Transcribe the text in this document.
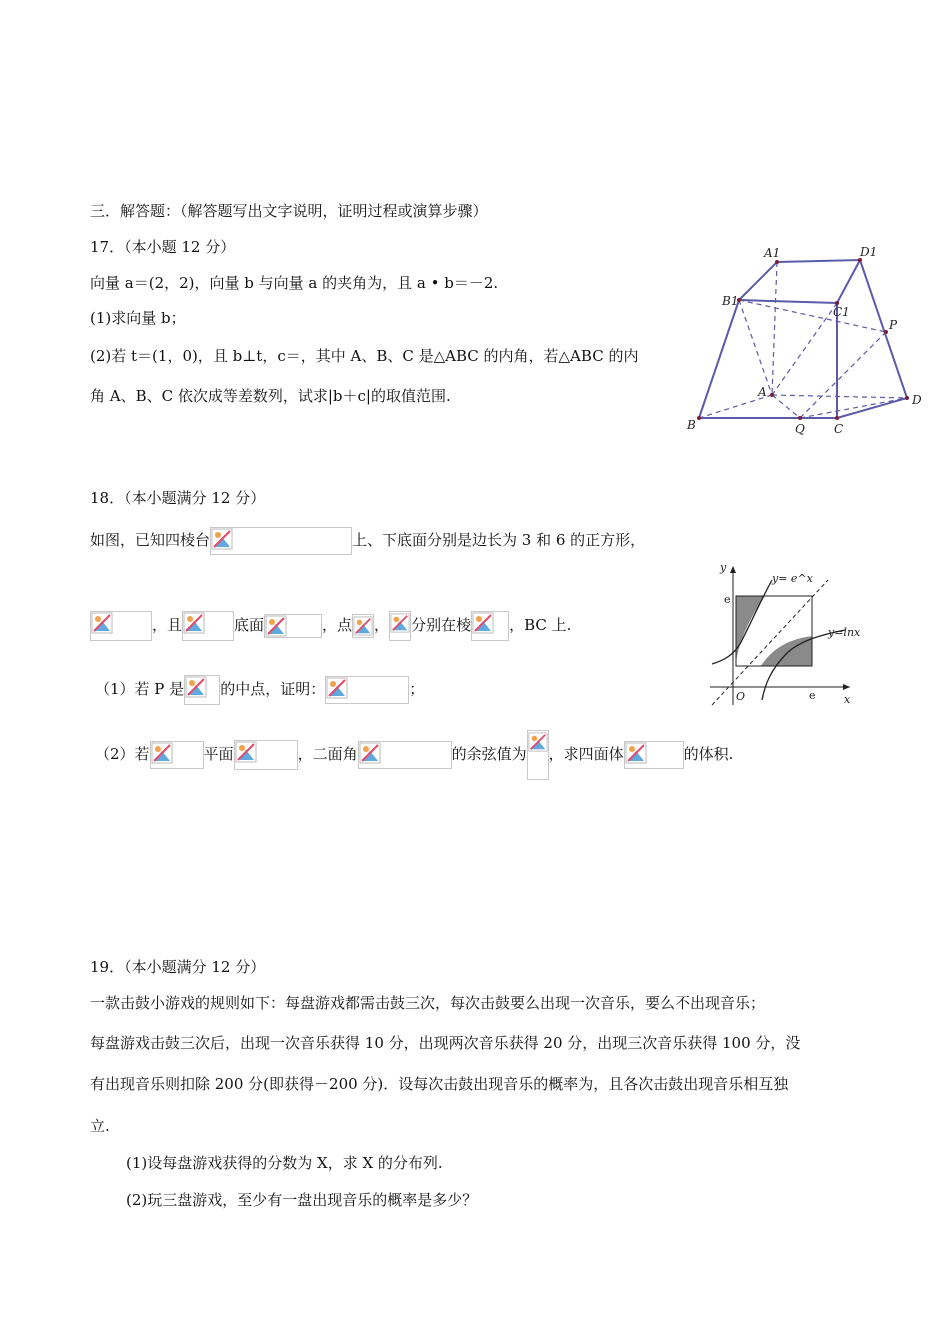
三．解答题：（解答题写出文字说明，证明过程或演算步骤）
17．（本小题 12 分）
向量 a＝(2，2)，向量 b 与向量 a 的夹角为，且 a • b＝－2.
(1)求向量 b；
(2)若 t＝(1，0)，且 b⊥t，c＝，其中 A、B、C 是△ABC 的内角，若△ABC 的内
角 A、B、C 依次成等差数列，试求|b＋c|的取值范围.
A1	D1
B1
C1
P
A
D
B	Q C
18．（本小题满分 12 分）
如图，已知四棱台	上、下底面分别是边长为 3 和 6 的正方形，
，且	底面	，点 ， 分别在棱	，BC 上.
（1）若 P 是 的中点，证明：	；
（2）若	平面	，二面角	的余弦值为 ，求四面体	的体积.
y
x
O
e
e
y= e^x
y=lnx
19．（本小题满分 12 分）
一款击鼓小游戏的规则如下：每盘游戏都需击鼓三次，每次击鼓要么出现一次音乐，要么不出现音乐；
每盘游戏击鼓三次后，出现一次音乐获得 10 分，出现两次音乐获得 20 分，出现三次音乐获得 100 分，没
有出现音乐则扣除 200 分(即获得－200 分)．设每次击鼓出现音乐的概率为，且各次击鼓出现音乐相互独
立.
(1)设每盘游戏获得的分数为 X，求 X 的分布列.
(2)玩三盘游戏，至少有一盘出现音乐的概率是多少？
